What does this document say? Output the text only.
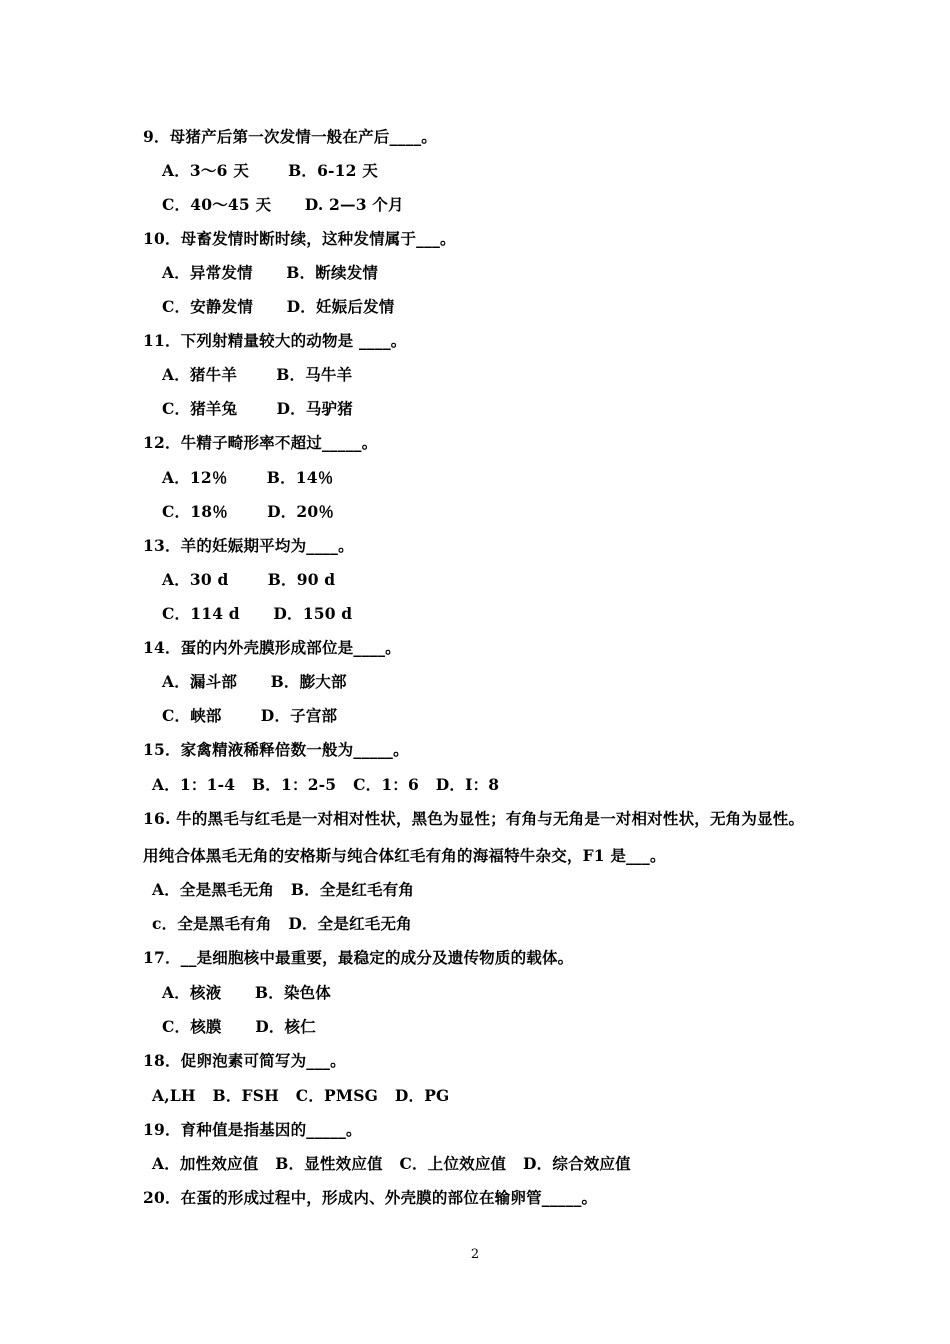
9．母猪产后第一次发情一般在产后____。
A．3～6 天       B．6-12 天
C．40～45 天      D. 2—3 个月
10．母畜发情时断时续，这种发情属于___。
A．异常发情      B．断续发情
C．安静发情      D．妊娠后发情
11．下列射精量较大的动物是 ____。
A．猪牛羊       B．马牛羊
C．猪羊兔       D．马驴猪
12．牛精子畸形率不超过_____。
A．12％       B．14％
C．18％       D．20％
13．羊的妊娠期平均为____。
A．30 d       B．90 d
C．114 d      D．150 d
14．蛋的内外壳膜形成部位是____。
A．漏斗部      B．膨大部
C．峡部       D．子宫部
15．家禽精液稀释倍数一般为_____。
A．1：1-4   B．1：2-5   C．1：6   D．I：8
16. 牛的黑毛与红毛是一对相对性状，黑色为显性；有角与无角是一对相对性状，无角为显性。
用纯合体黑毛无角的安格斯与纯合体红毛有角的海福特牛杂交，F1 是___。
A．全是黑毛无角   B．全是红毛有角
c．全是黑毛有角   D．全是红毛无角
17．__是细胞核中最重要，最稳定的成分及遗传物质的载体。
A．核液      B．染色体
C．核膜      D．核仁
18．促卵泡素可简写为___。
A,LH   B．FSH   C．PMSG   D．PG
19．育种值是指基因的_____。
A．加性效应值   B．显性效应值   C．上位效应值   D．综合效应值
20．在蛋的形成过程中，形成内、外壳膜的部位在输卵管_____。
2
